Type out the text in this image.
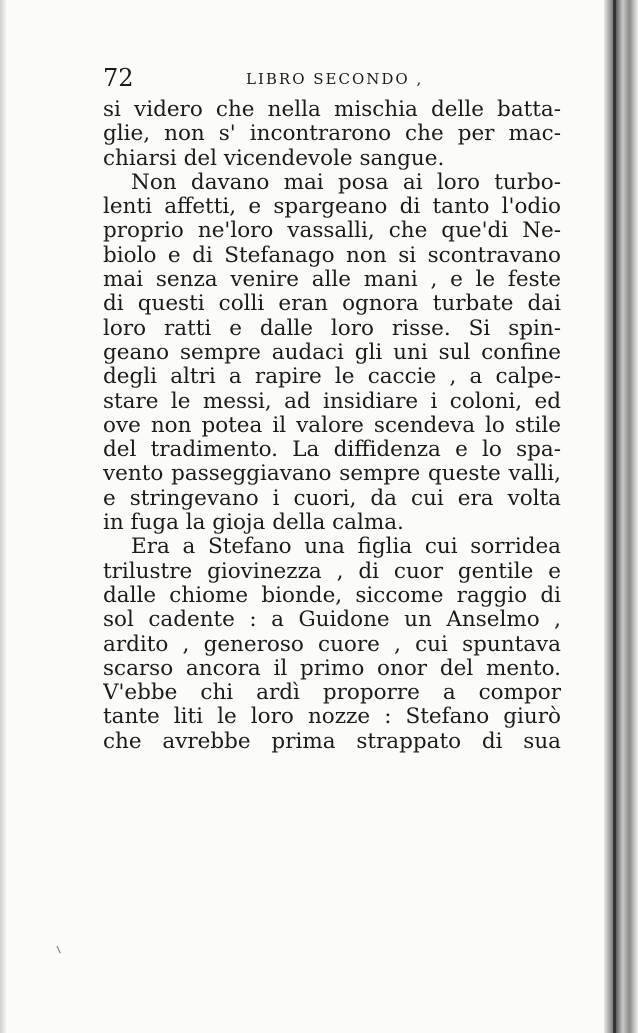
72	LIBRO SECONDO ,
si videro che nella mischia delle batta-
glie, non s' incontrarono che per mac-
chiarsi del vicendevole sangue.
Non davano mai posa ai loro turbo-
lenti affetti, e spargeano di tanto l'odio
proprio ne'loro vassalli, che que'di Ne-
biolo e di Stefanago non si scontravano
mai senza venire alle mani , e le feste
di questi colli eran ognora turbate dai
loro ratti e dalle loro risse. Si spin-
geano sempre audaci gli uni sul confine
degli altri a rapire le caccie , a calpe-
stare le messi, ad insidiare i coloni, ed
ove non potea il valore scendeva lo stile
del tradimento. La diffidenza e lo spa-
vento passeggiavano sempre queste valli,
e stringevano i cuori, da cui era volta
in fuga la gioja della calma.
Era a Stefano una figlia cui sorridea
trilustre giovinezza , di cuor gentile e
dalle chiome bionde, siccome raggio di
sol cadente : a Guidone un Anselmo ,
ardito , generoso cuore , cui spuntava
scarso ancora il primo onor del mento.
V'ebbe chi ardì proporre a compor
tante liti le loro nozze : Stefano giurò
che avrebbe prima strappato di sua
